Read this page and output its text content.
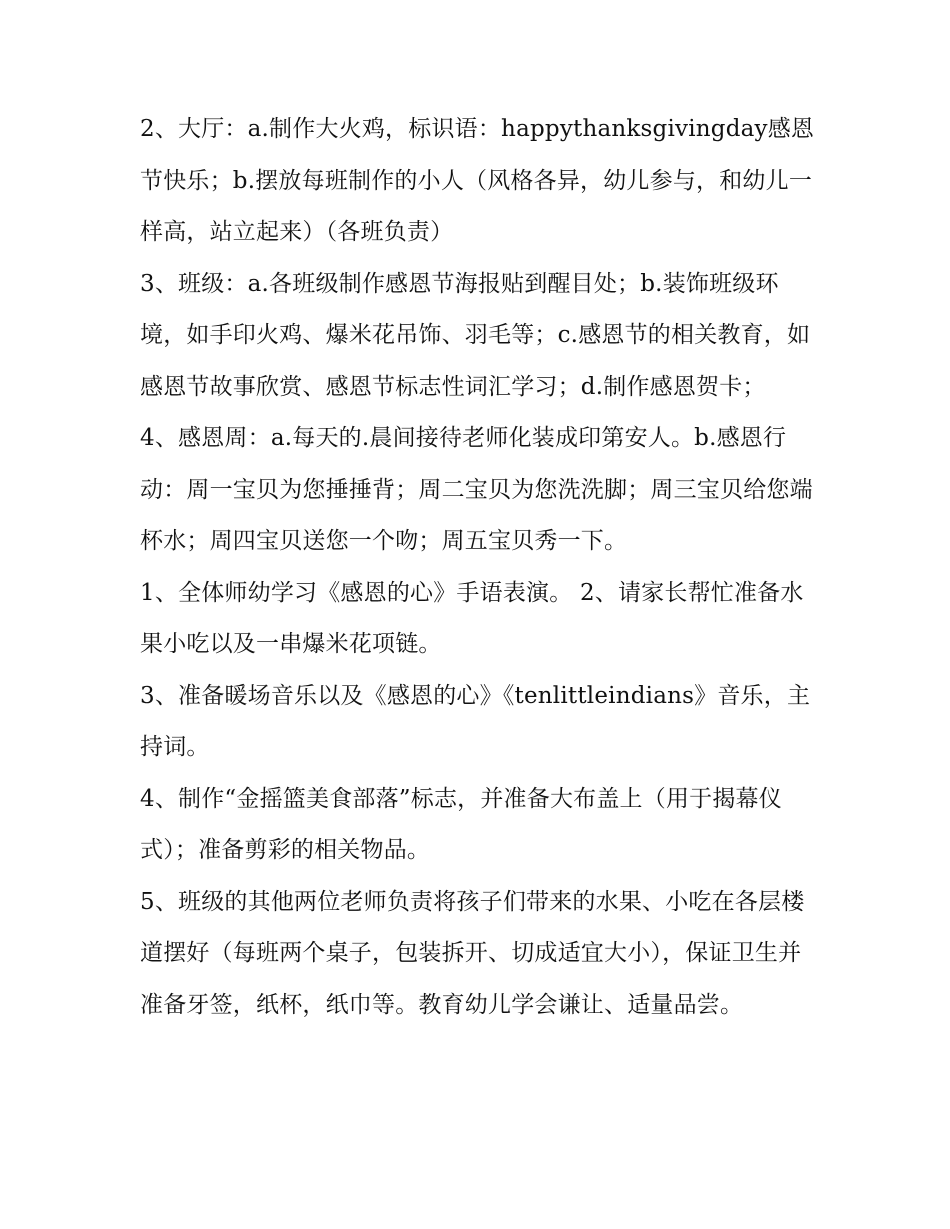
2、大厅：a.制作大火鸡，标识语：happythanksgivingday感恩节快乐；b.摆放每班制作的小人（风格各异，幼儿参与，和幼儿一样高，站立起来）（各班负责）

3、班级：a.各班级制作感恩节海报贴到醒目处；b.装饰班级环境，如手印火鸡、爆米花吊饰、羽毛等；c.感恩节的相关教育，如感恩节故事欣赏、感恩节标志性词汇学习；d.制作感恩贺卡；

4、感恩周：a.每天的.晨间接待老师化装成印第安人。b.感恩行动：周一宝贝为您捶捶背；周二宝贝为您洗洗脚；周三宝贝给您端杯水；周四宝贝送您一个吻；周五宝贝秀一下。

1、全体师幼学习《感恩的心》手语表演。 2、请家长帮忙准备水果小吃以及一串爆米花项链。

3、准备暖场音乐以及《感恩的心》《tenlittleindians》音乐，主持词。

4、制作“金摇篮美食部落”标志，并准备大布盖上（用于揭幕仪式）；准备剪彩的相关物品。

5、班级的其他两位老师负责将孩子们带来的水果、小吃在各层楼道摆好（每班两个桌子，包装拆开、切成适宜大小），保证卫生并准备牙签，纸杯，纸巾等。教育幼儿学会谦让、适量品尝。
